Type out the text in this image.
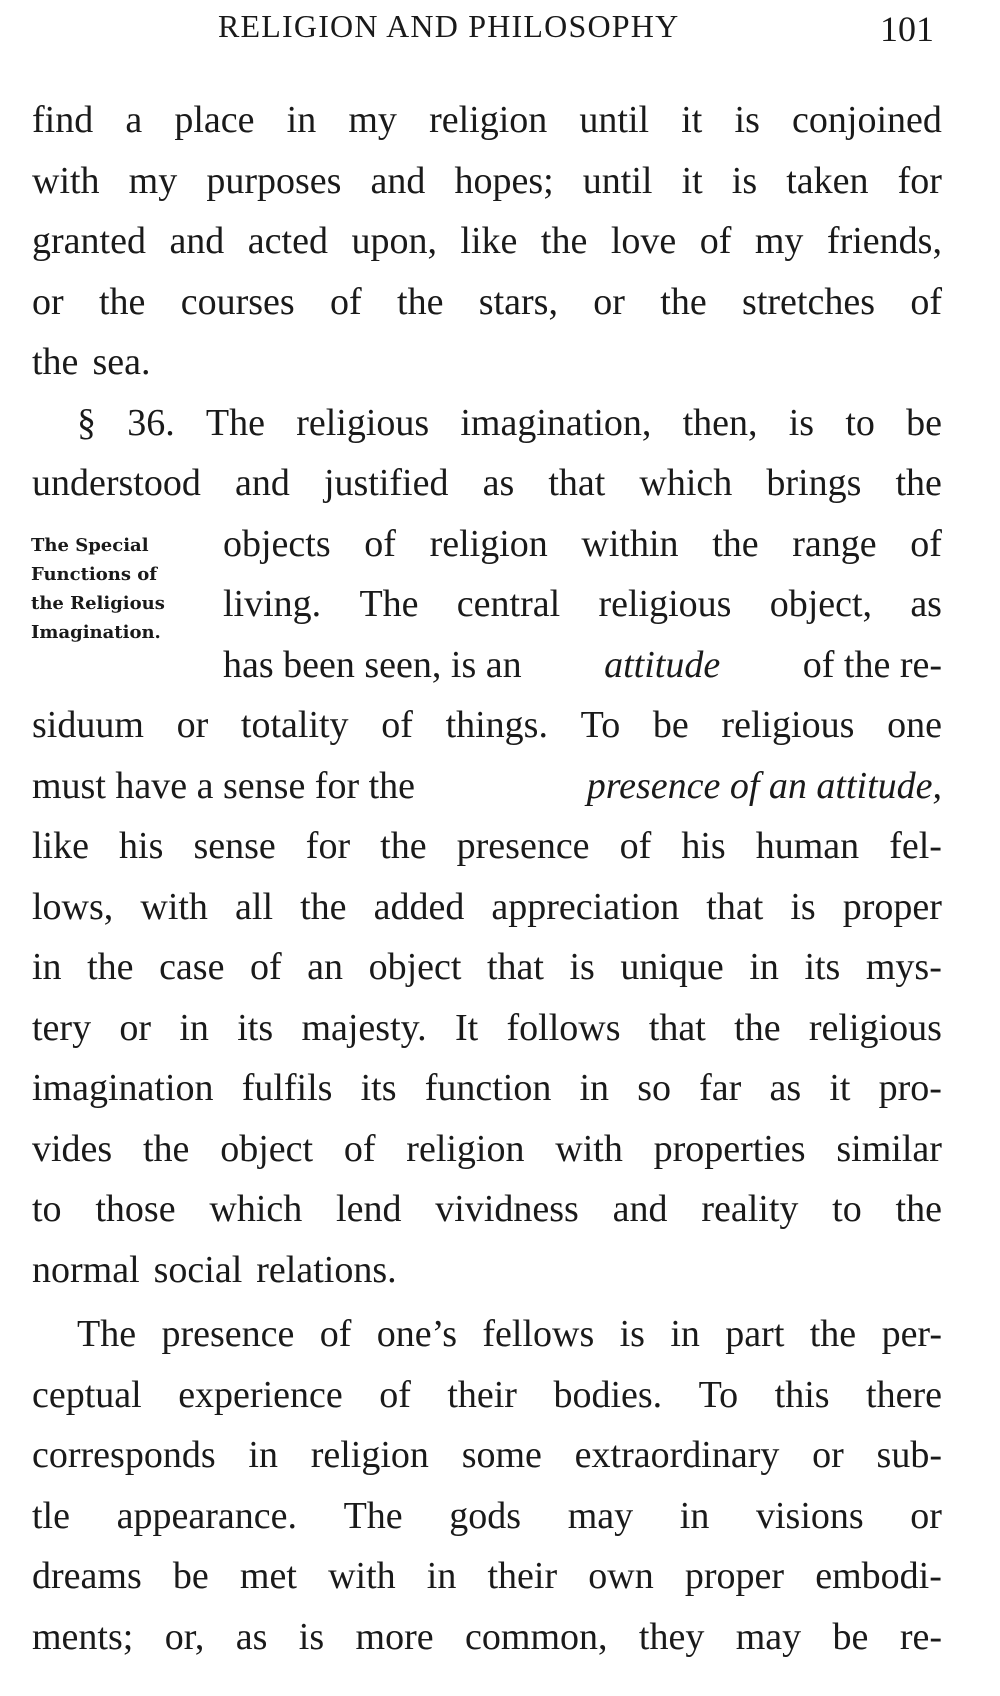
RELIGION AND PHILOSOPHY	101
The Special
Functions of
the Religious
Imagination.
find a place in my religion until it is conjoined
with my purposes and hopes; until it is taken for
granted and acted upon, like the love of my friends,
or the courses of the stars, or the stretches of
the sea.
§ 36. The religious imagination, then, is to be
understood and justified as that which brings the
objects of religion within the range of
living. The central religious object, as
has been seen, is an attitude of the re-
siduum or totality of things. To be religious one
must have a sense for the	presence of an attitude,
like his sense for the presence of his human fel-
lows, with all the added appreciation that is proper
in the case of an object that is unique in its mys-
tery or in its majesty. It follows that the religious
imagination fulfils its function in so far as it pro-
vides the object of religion with properties similar
to those which lend vividness and reality to the
normal social relations.
The presence of one’s fellows is in part the per-
ceptual experience of their bodies. To this there
corresponds in religion some extraordinary or sub-
tle appearance. The gods may in visions or
dreams be met with in their own proper embodi-
ments; or, as is more common, they may be re-
